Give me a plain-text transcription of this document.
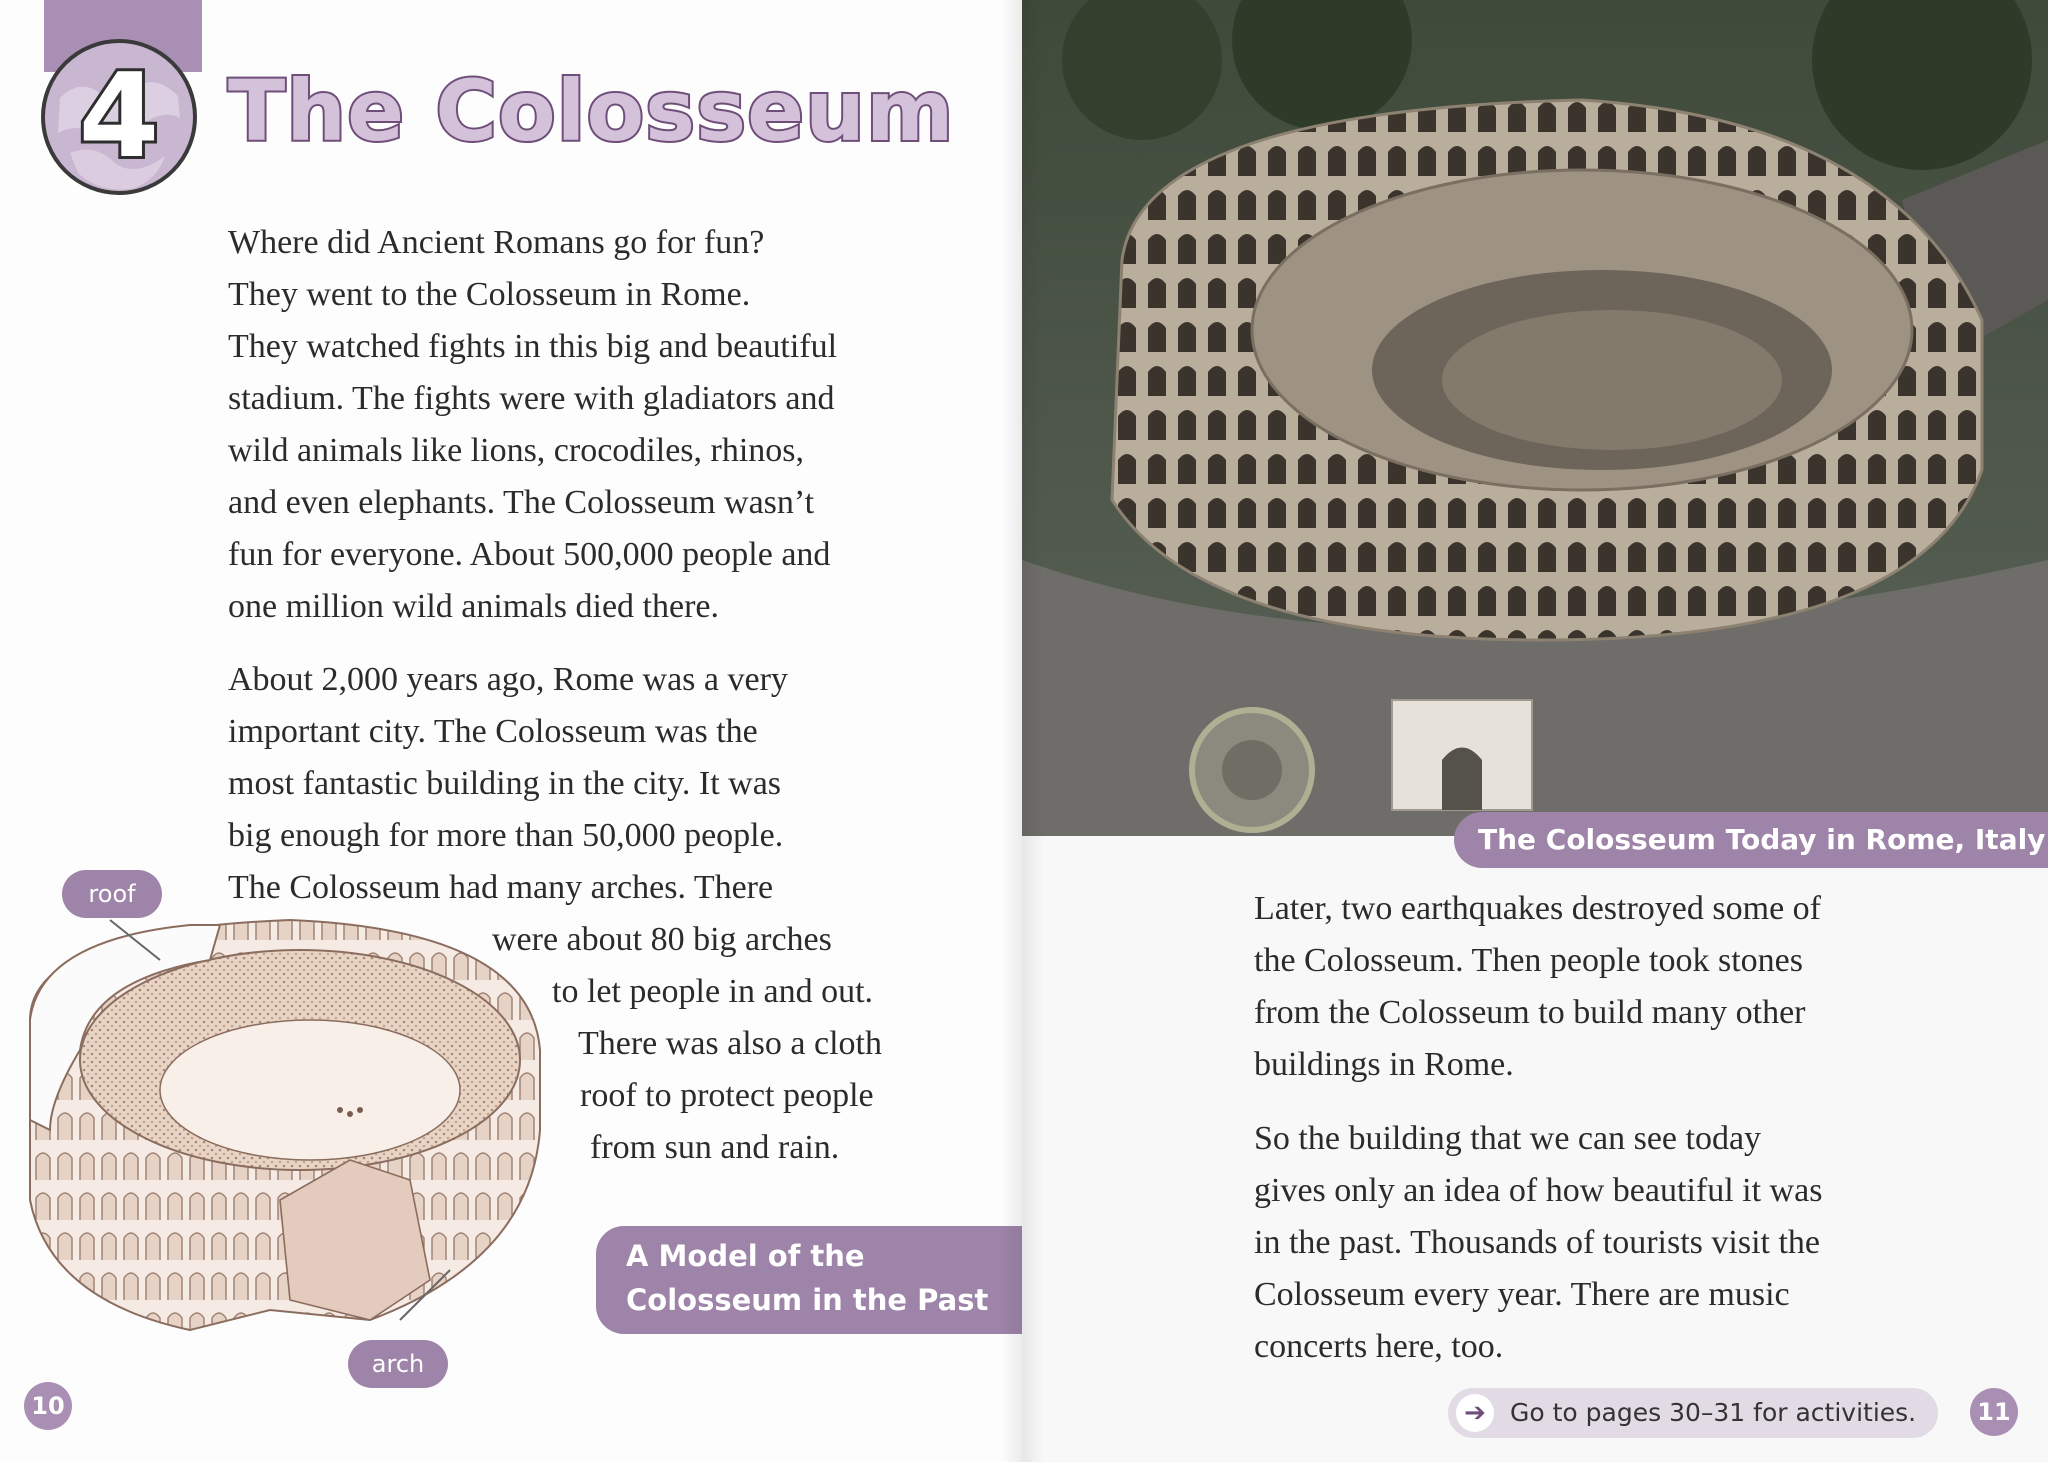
4 The Colosseum

Where did Ancient Romans go for fun?
They went to the Colosseum in Rome.
They watched fights in this big and beautiful
stadium. The fights were with gladiators and
wild animals like lions, crocodiles, rhinos,
and even elephants. The Colosseum wasn’t
fun for everyone. About 500,000 people and
one million wild animals died there.

About 2,000 years ago, Rome was a very
important city. The Colosseum was the
most fantastic building in the city. It was
big enough for more than 50,000 people.
The Colosseum had many arches. There
were about 80 big arches
to let people in and out.
There was also a cloth
roof to protect people
from sun and rain.

roof
arch
A Model of the
Colosseum in the Past
10
The Colosseum Today in Rome, Italy

Later, two earthquakes destroyed some of
the Colosseum. Then people took stones
from the Colosseum to build many other
buildings in Rome.

So the building that we can see today
gives only an idea of how beautiful it was
in the past. Thousands of tourists visit the
Colosseum every year. There are music
concerts here, too.

➔ Go to pages 30–31 for activities.	11
